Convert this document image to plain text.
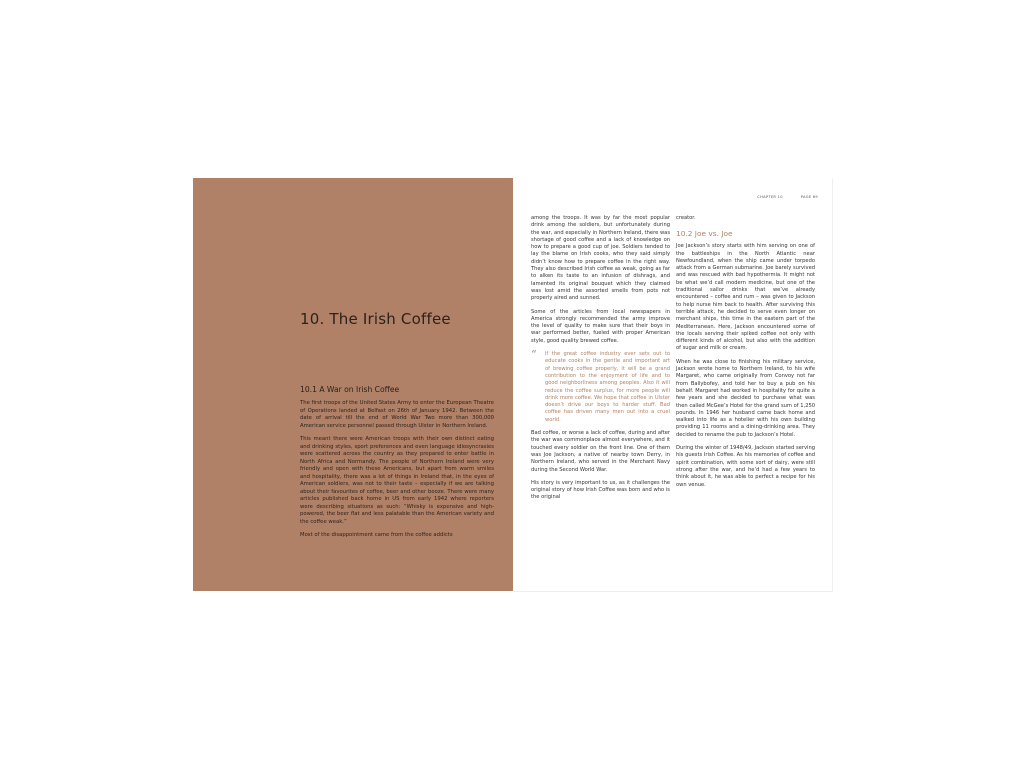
10. The Irish Coffee
10.1 A War on Irish Coffee

The first troops of the United States Army to enter the European Theatre of Operations landed at Belfast on 26th of January 1942. Between the date of arrival till the end of World War Two more than 300,000 American service personnel passed through Ulster in Northern Ireland.

This meant there were American troops with their own distinct eating and drinking styles, sport preferences and even language idiosyncrasies were scattered across the country as they prepared to enter battle in North Africa and Normandy. The people of Northern Ireland were very friendly and open with these Americans, but apart from warm smiles and hospitality, there was a lot of things in Ireland that, in the eyes of American soldiers, was not to their taste – especially if we are talking about their favourites of coffee, beer and other booze. There were many articles published back home in US from early 1942 where reporters were describing situations as such: “Whisky is expensive and high-powered, the beer flat and less palatable than the American variety and the coffee weak.”

Most of the disappointment came from the coffee addicts

CHAPTER 10	PAGE 69

among the troops. It was by far the most popular drink among the soldiers, but unfortunately during the war, and especially in Northern Ireland, there was shortage of good coffee and a lack of knowledge on how to prepare a good cup of joe. Soldiers tended to lay the blame on Irish cooks, who they said simply didn’t know how to prepare coffee in the right way. They also described Irish coffee as weak, going as far to alken its taste to an infusion of dishrags, and lamented its original bouquet which they claimed was lost amid the assorted smells from pots not properly aired and sunned.

Some of the articles from local newspapers in America strongly recommended the army improve the level of quality to make sure that their boys in war performed better, fueled with proper American style, good quality brewed coffee.

“ If the great coffee industry ever sets out to educate cooks in the gentle and important art of brewing coffee properly, it will be a grand contribution to the enjoyment of life and to good neighborliness among peoples. Also it will reduce the coffee surplus, for more people will drink more coffee. We hope that coffee in Ulster doesn’t drive our boys to harder stuff. Bad coffee has driven many men out into a cruel world.

Bad coffee, or worse a lack of coffee, during and after the war was commonplace almost everywhere, and it touched every soldier on the front line. One of them was Joe Jackson, a native of nearby town Derry, in Northern Ireland, who served in the Merchant Navy during the Second World War.

His story is very important to us, as it challenges the original story of how Irish Coffee was born and who is the original

creator.

10.2 Joe vs. Joe

Joe Jackson’s story starts with him serving on one of the battleships in the North Atlantic near Newfoundland, when the ship came under torpedo attack from a German submarine. Joe barely survived and was rescued with bad hypothermia. It might not be what we’d call modern medicine, but one of the traditional sailor drinks that we’ve already encountered – coffee and rum – was given to Jackson to help nurse him back to health. After surviving this terrible attack, he decided to serve even longer on merchant ships, this time in the eastern part of the Mediterranean. Here, Jackson encountered some of the locals serving their spiked coffee not only with different kinds of alcohol, but also with the addition of sugar and milk or cream.

When he was close to finishing his military service, Jackson wrote home to Northern Ireland, to his wife Margaret, who came originally from Convoy not far from Ballybofey, and told her to buy a pub on his behalf. Margaret had worked in hospitality for quite a few years and she decided to purchase what was then called McGee’s Hotel for the grand sum of 1,250 pounds. In 1946 her husband came back home and walked into life as a hotelier with his own building providing 11 rooms and a dining-drinking area. They decided to rename the pub to Jackson’s Hotel.

During the winter of 1948/49, Jackson started serving his guests Irish Coffee. As his memories of coffee and spirit combination, with some sort of dairy, were still strong after the war, and he’d had a few years to think about it, he was able to perfect a recipe for his own venue.
